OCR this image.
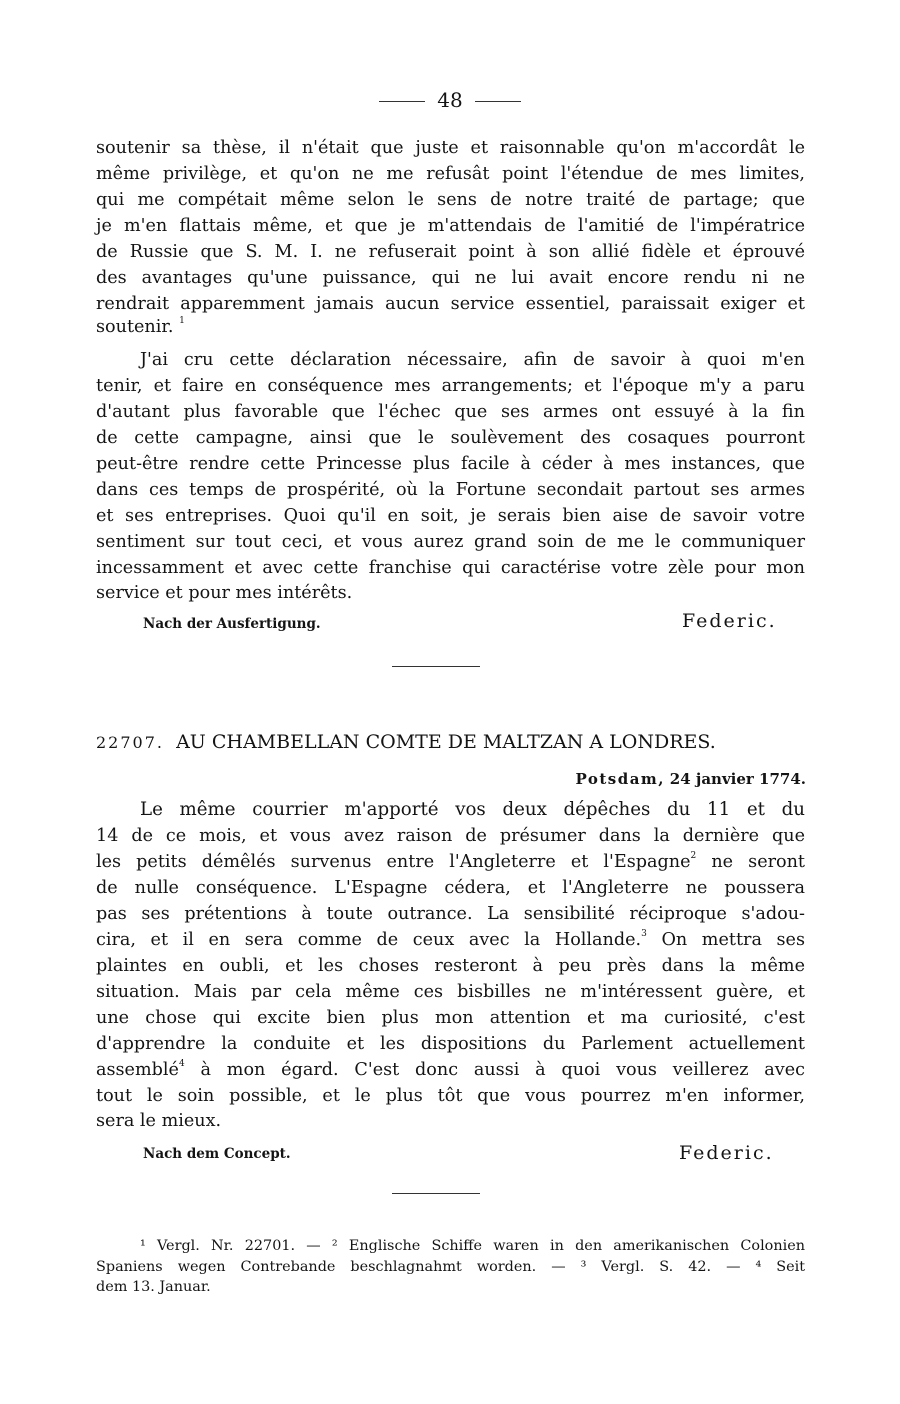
48
soutenir sa thèse, il n'était que juste et raisonnable qu'on m'accordât le
même privilège, et qu'on ne me refusât point l'étendue de mes limites,
qui me compétait même selon le sens de notre traité de partage; que
je m'en flattais même, et que je m'attendais de l'amitié de l'impératrice
de Russie que S. M. I. ne refuserait point à son allié fidèle et éprouvé
des avantages qu'une puissance, qui ne lui avait encore rendu ni ne
rendrait apparemment jamais aucun service essentiel, paraissait exiger et
soutenir. $^1$
J'ai cru cette déclaration nécessaire, afin de savoir à quoi m'en
tenir, et faire en conséquence mes arrangements; et l'époque m'y a paru
d'autant plus favorable que l'échec que ses armes ont essuyé à la fin
de cette campagne, ainsi que le soulèvement des cosaques pourront
peut-être rendre cette Princesse plus facile à céder à mes instances, que
dans ces temps de prospérité, où la Fortune secondait partout ses armes
et ses entreprises. Quoi qu'il en soit, je serais bien aise de savoir votre
sentiment sur tout ceci, et vous aurez grand soin de me le communiquer
incessamment et avec cette franchise qui caractérise votre zèle pour mon
service et pour mes intérêts.
Nach der Ausfertigung.	Federic.
22707. AU CHAMBELLAN COMTE DE MALTZAN A LONDRES.
Potsdam, 24 janvier 1774.
Le même courrier m'apporté vos deux dépêches du 11 et du
14 de ce mois, et vous avez raison de présumer dans la dernière que
les petits démêlés survenus entre l'Angleterre et l'Espagne$^2$ ne seront
de nulle conséquence. L'Espagne cédera, et l'Angleterre ne poussera
pas ses prétentions à toute outrance. La sensibilité réciproque s'adou-
cira, et il en sera comme de ceux avec la Hollande.$^3$ On mettra ses
plaintes en oubli, et les choses resteront à peu près dans la même
situation. Mais par cela même ces bisbilles ne m'intéressent guère, et
une chose qui excite bien plus mon attention et ma curiosité, c'est
d'apprendre la conduite et les dispositions du Parlement actuellement
assemblé$^4$ à mon égard. C'est donc aussi à quoi vous veillerez avec
tout le soin possible, et le plus tôt que vous pourrez m'en informer,
sera le mieux.
Nach dem Concept.	Federic.
¹ Vergl. Nr. 22701. — ² Englische Schiffe waren in den amerikanischen Colonien
Spaniens wegen Contrebande beschlagnahmt worden. — ³ Vergl. S. 42. — ⁴ Seit
dem 13. Januar.
